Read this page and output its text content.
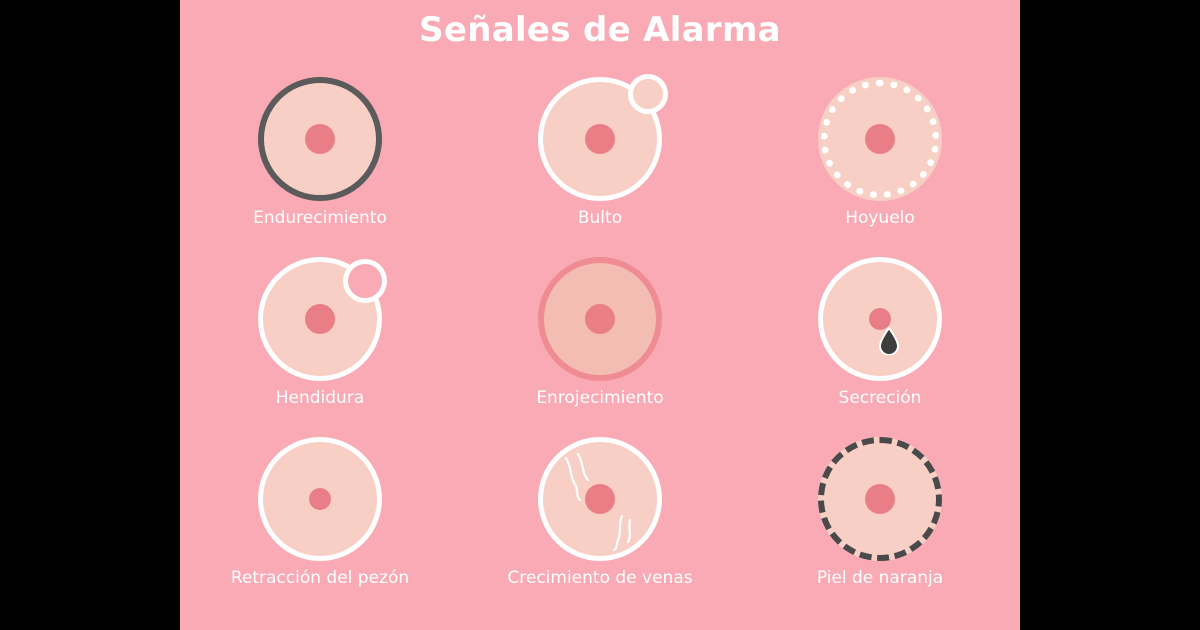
Señales de Alarma
Endurecimiento	Bulto	Hoyuelo
Hendidura	Enrojecimiento	Secreción
Retracción del pezón	Crecimiento de venas	Piel de naranja
